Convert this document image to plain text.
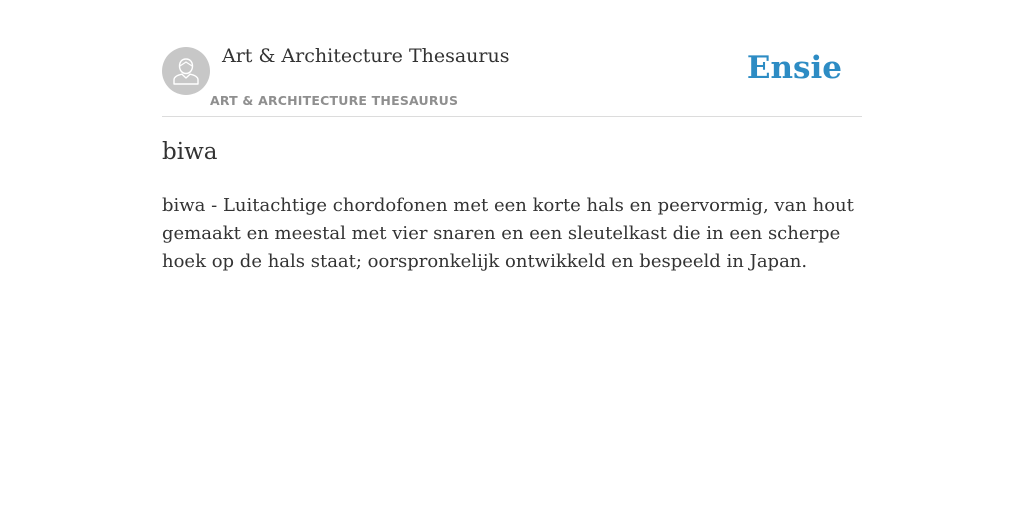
Art & Architecture Thesaurus
ART & ARCHITECTURE THESAURUS
Ensie
biwa

biwa - Luitachtige chordofonen met een korte hals en peervormig, van hout gemaakt en meestal met vier snaren en een sleutelkast die in een scherpe hoek op de hals staat; oorspronkelijk ontwikkeld en bespeeld in Japan.
